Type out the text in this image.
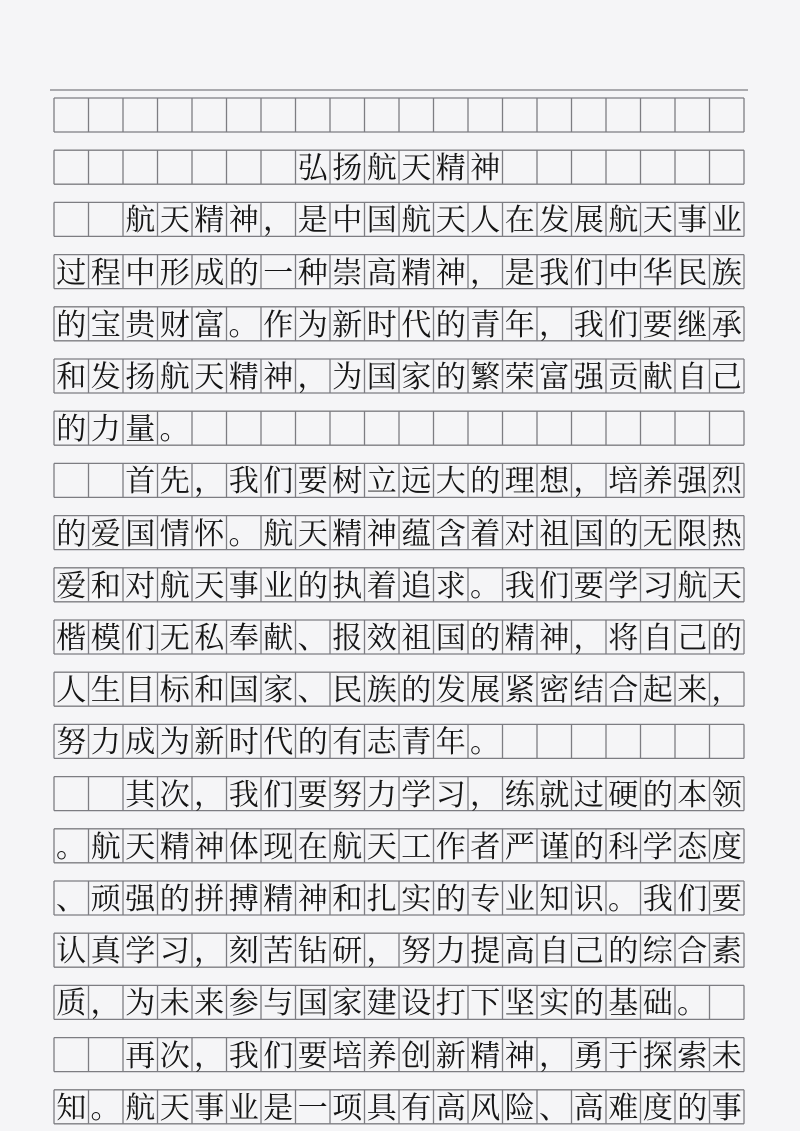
弘 扬 航 天 精 神
航 天 精 神 ， 是 中 国 航 天 人 在 发 展 航 天 事 业
过 程 中 形 成 的 一 种 崇 高 精 神 ， 是 我 们 中 华 民 族
的 宝 贵 财 富 。 作 为 新 时 代 的 青 年 ， 我 们 要 继 承
和 发 扬 航 天 精 神 ， 为 国 家 的 繁 荣 富 强 贡 献 自 己
的 力 量 。
首 先 ， 我 们 要 树 立 远 大 的 理 想 ， 培 养 强 烈
的 爱 国 情 怀 。 航 天 精 神 蕴 含 着 对 祖 国 的 无 限 热
爱 和 对 航 天 事 业 的 执 着 追 求 。 我 们 要 学 习 航 天
楷 模 们 无 私 奉 献 、 报 效 祖 国 的 精 神 ， 将 自 己 的
人 生 目 标 和 国 家 、 民 族 的 发 展 紧 密 结 合 起 来 ，
努 力 成 为 新 时 代 的 有 志 青 年 。
其 次 ， 我 们 要 努 力 学 习 ， 练 就 过 硬 的 本 领
。 航 天 精 神 体 现 在 航 天 工 作 者 严 谨 的 科 学 态 度
、 顽 强 的 拼 搏 精 神 和 扎 实 的 专 业 知 识 。 我 们 要
认 真 学 习 ， 刻 苦 钻 研 ， 努 力 提 高 自 己 的 综 合 素
质 ， 为 未 来 参 与 国 家 建 设 打 下 坚 实 的 基 础 。
再 次 ， 我 们 要 培 养 创 新 精 神 ， 勇 于 探 索 未
知 。 航 天 事 业 是 一 项 具 有 高 风 险 、 高 难 度 的 事
